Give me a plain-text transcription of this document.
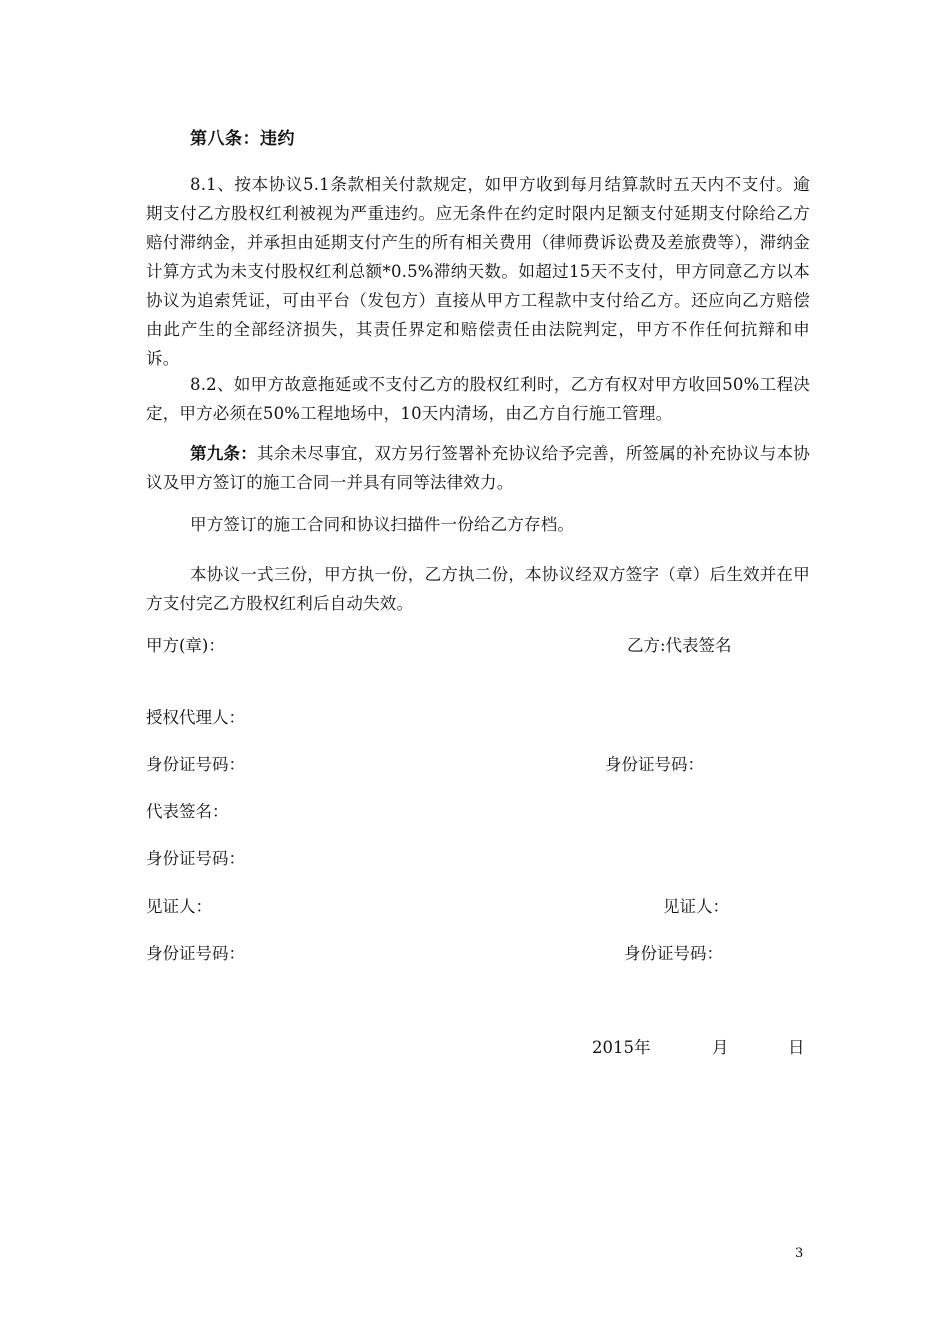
第八条：违约

8.1、按本协议5.1条款相关付款规定，如甲方收到每月结算款时五天内不支付。逾期支付乙方股权红利被视为严重违约。应无条件在约定时限内足额支付延期支付除给乙方赔付滞纳金，并承担由延期支付产生的所有相关费用（律师费诉讼费及差旅费等），滞纳金计算方式为未支付股权红利总额*0.5%滞纳天数。如超过15天不支付，甲方同意乙方以本协议为追索凭证，可由平台（发包方）直接从甲方工程款中支付给乙方。还应向乙方赔偿由此产生的全部经济损失，其责任界定和赔偿责任由法院判定，甲方不作任何抗辩和申诉。

8.2、如甲方故意拖延或不支付乙方的股权红利时，乙方有权对甲方收回50%工程决定，甲方必须在50%工程地场中，10天内清场，由乙方自行施工管理。

第九条：其余未尽事宜，双方另行签署补充协议给予完善，所签属的补充协议与本协议及甲方签订的施工合同一并具有同等法律效力。

甲方签订的施工合同和协议扫描件一份给乙方存档。

本协议一式三份，甲方执一份，乙方执二份，本协议经双方签字（章）后生效并在甲方支付完乙方股权红利后自动失效。

甲方(章)：	乙方:代表签名
授权代理人：
身份证号码：	身份证号码：
代表签名：
身份证号码：
见证人：	见证人：
身份证号码：	身份证号码：
2015年	月	日
3
